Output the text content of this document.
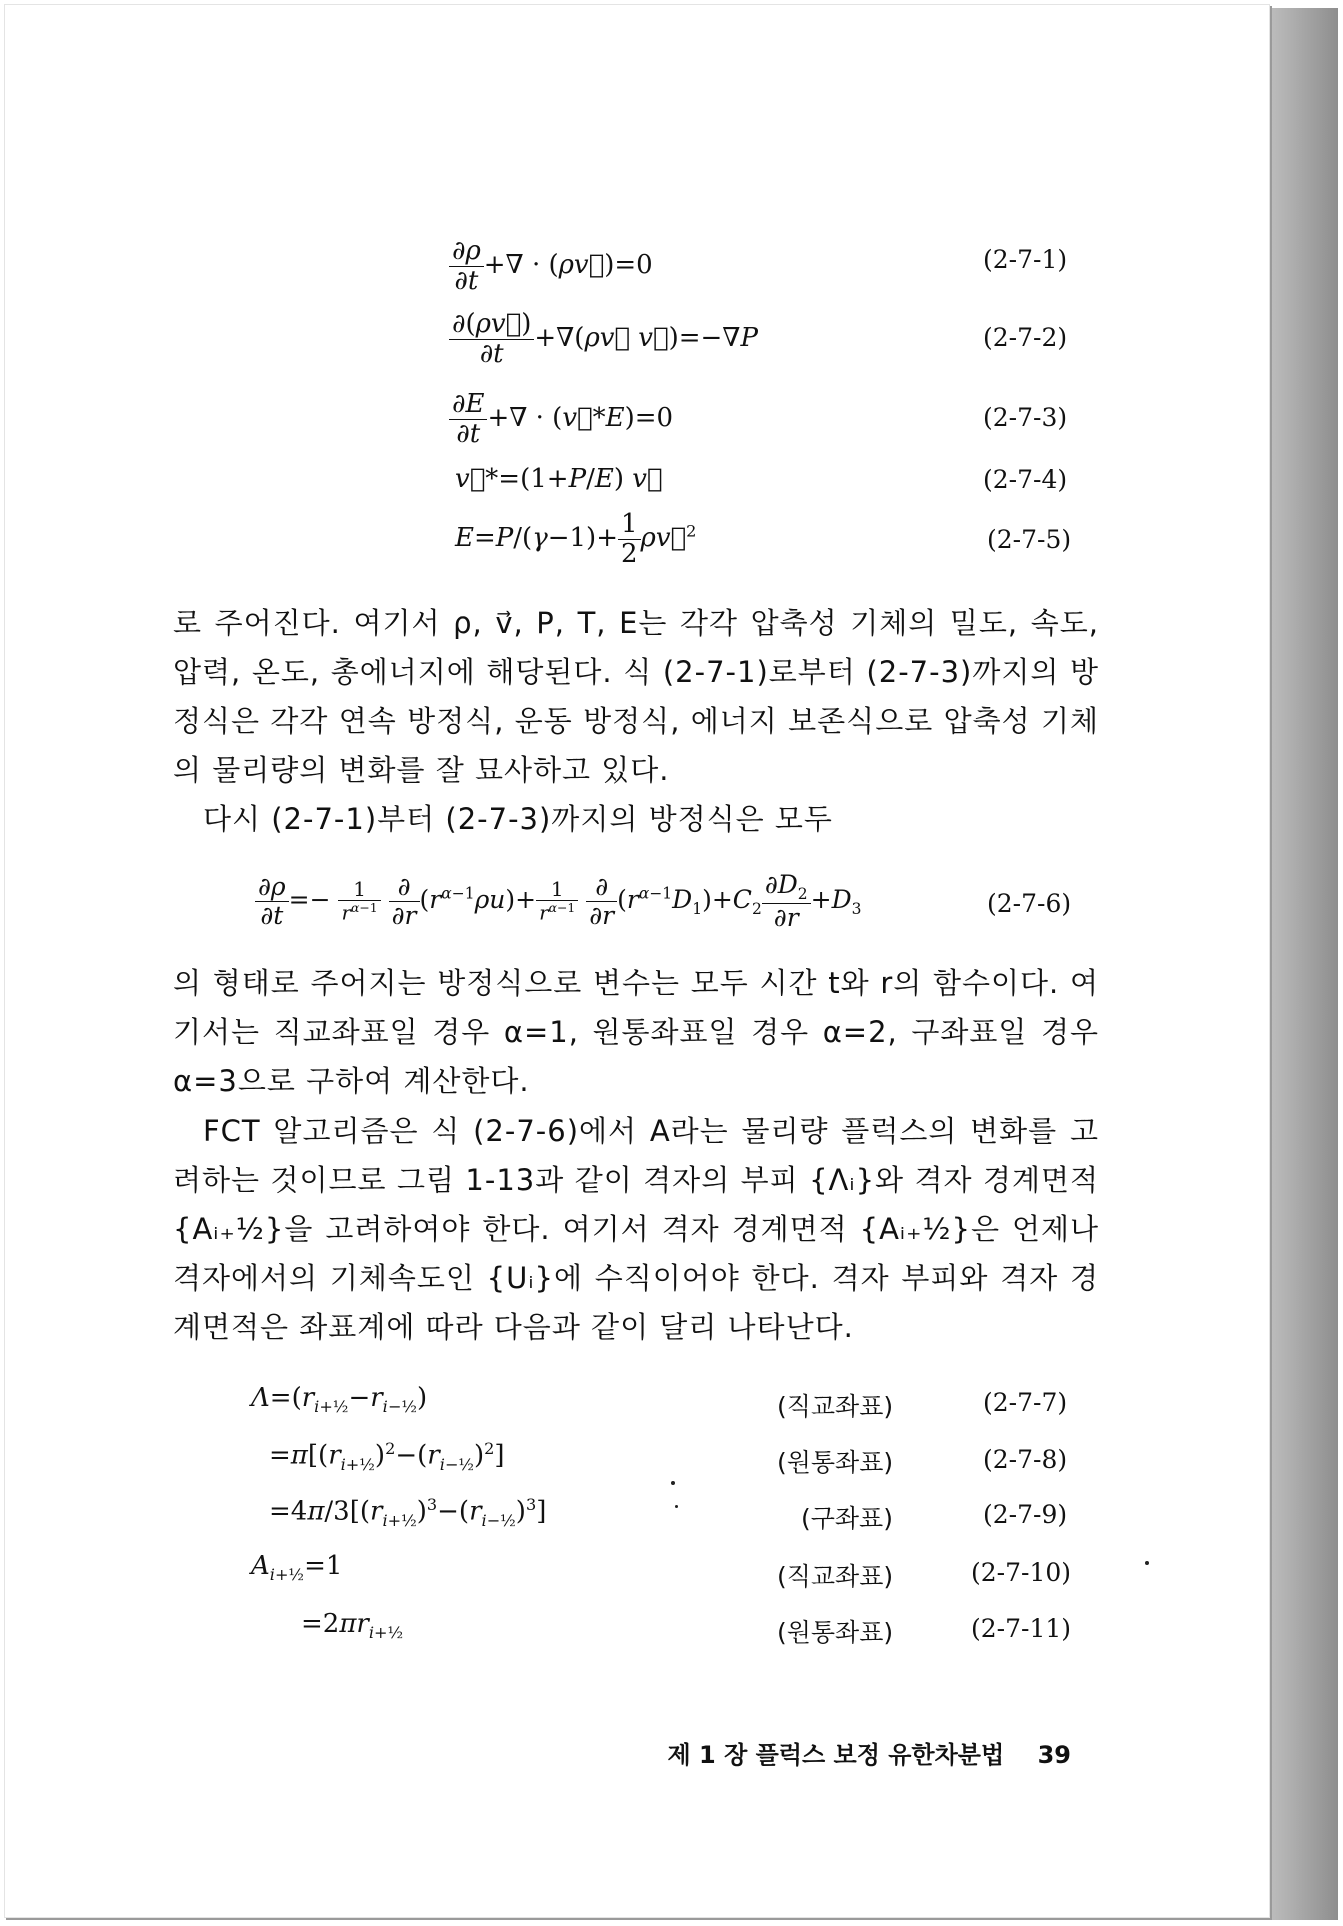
$\frac{\partial\rho}{\partial t}$ +∇ · (ρv⃗)=0	(2-7-1)
$\frac{\partial(\rho v⃗)}{\partial t}$ +∇(ρv⃗ v⃗)=−∇P	(2-7-2)
$\frac{\partial E}{\partial t}$ +∇ · (v⃗*E)=0	(2-7-3)
v⃗*=(1+P/E) v⃗	(2-7-4)
$E=P/(\gamma-1)+ \frac{1}{2}$ ρv⃗$^2$	(2-7-5)
로 주어진다. 여기서 ρ, v⃗, P, T, E는 각각 압축성 기체의 밀도, 속도, 압력, 온도, 총에너지에 해당된다. 식 (2-7-1)로부터 (2-7-3)까지의 방정식은 각각 연속 방정식, 운동 방정식, 에너지 보존식으로 압축성 기체의 물리량의 변화를 잘 묘사하고 있다.
다시 (2-7-1)부터 (2-7-3)까지의 방정식은 모두
$\frac{\partial\rho}{\partial t} =- \frac{1}{r^{\alpha-1}}$
$\frac{\partial}{\partial r} (r^{\alpha-1}\rho u)+ \frac{1}{r^{\alpha-1}}$
$\frac{\partial}{\partial r} (r^{\alpha-1}D_1)+C_2 \frac{\partial D_2}{\partial r} +D_3$	(2-7-6)
의 형태로 주어지는 방정식으로 변수는 모두 시간 t와 r의 함수이다. 여기서는 직교좌표일 경우 α=1, 원통좌표일 경우 α=2, 구좌표일 경우 α=3으로 구하여 계산한다.
FCT 알고리즘은 식 (2-7-6)에서 A라는 물리량 플럭스의 변화를 고려하는 것이므로 그림 1-13과 같이 격자의 부피 {Λᵢ}와 격자 경계면적 {Aᵢ₊½}을 고려하여야 한다. 여기서 격자 경계면적 {Aᵢ₊½}은 언제나 격자에서의 기체속도인 {Uᵢ}에 수직이어야 한다. 격자 부피와 격자 경계면적은 좌표계에 따라 다음과 같이 달리 나타난다.
$\Lambda=(r_{i+\frac{1}{2}}-r_{i-\frac{1}{2}})$	(직교좌표)	(2-7-7)
$=\pi[(r_{i+\frac{1}{2}})^2-(r_{i-\frac{1}{2}})^2]$	(원통좌표)	(2-7-8)
$=4\pi/3[(r_{i+\frac{1}{2}})^3-(r_{i-\frac{1}{2}})^3]$	(구좌표)	(2-7-9)
$A_{i+\frac{1}{2}}=1$	(직교좌표)	(2-7-10)
$=2\pi r_{i+\frac{1}{2}}$	(원통좌표)	(2-7-11)
제 1 장 플럭스 보정 유한차분법 39
